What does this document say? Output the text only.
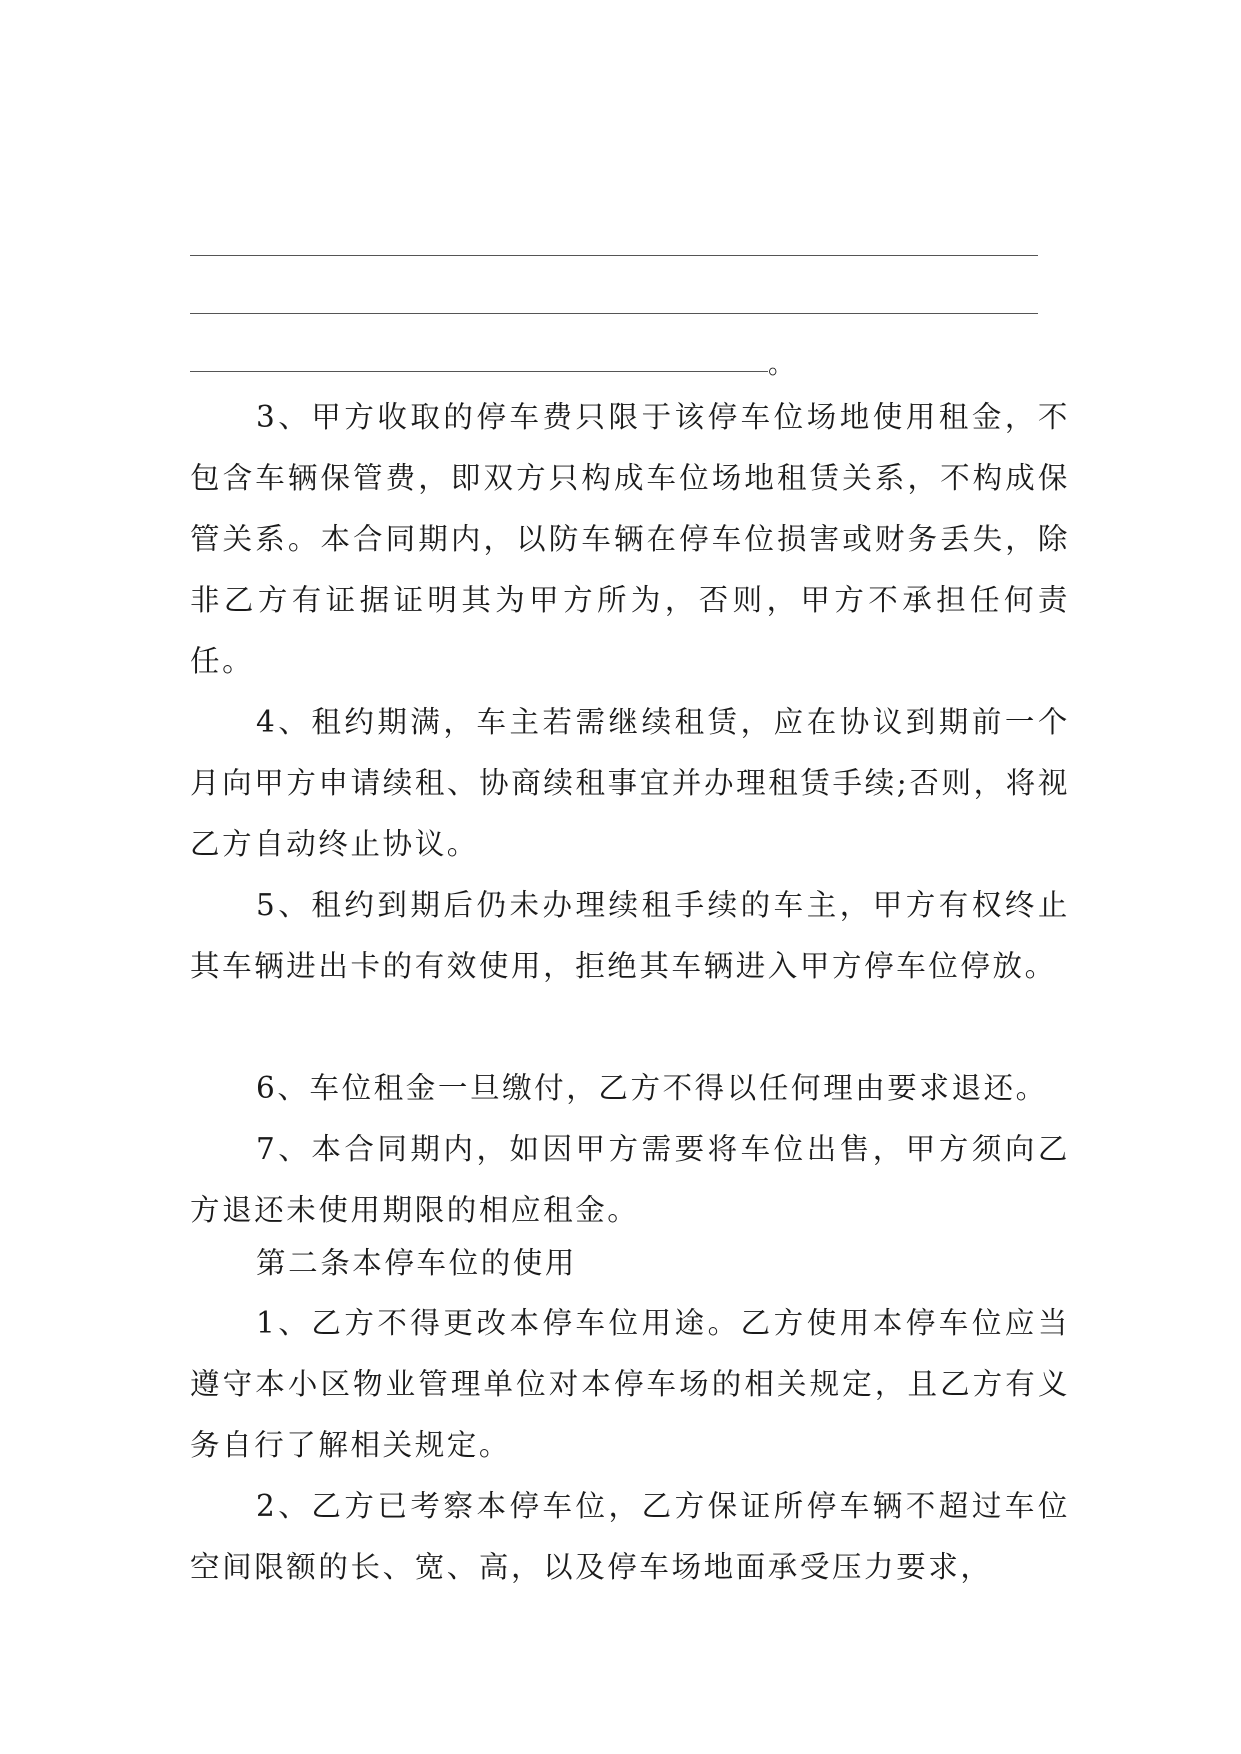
。

3、甲方收取的停车费只限于该停车位场地使用租金，不包含车辆保管费，即双方只构成车位场地租赁关系，不构成保管关系。本合同期内，以防车辆在停车位损害或财务丢失，除非乙方有证据证明其为甲方所为，否则，甲方不承担任何责任。

4、租约期满，车主若需继续租赁，应在协议到期前一个月向甲方申请续租、协商续租事宜并办理租赁手续;否则，将视乙方自动终止协议。

5、租约到期后仍未办理续租手续的车主，甲方有权终止其车辆进出卡的有效使用，拒绝其车辆进入甲方停车位停放。

6、车位租金一旦缴付，乙方不得以任何理由要求退还。

7、本合同期内，如因甲方需要将车位出售，甲方须向乙方退还未使用期限的相应租金。

第二条本停车位的使用

1、乙方不得更改本停车位用途。乙方使用本停车位应当遵守本小区物业管理单位对本停车场的相关规定，且乙方有义务自行了解相关规定。

2、乙方已考察本停车位，乙方保证所停车辆不超过车位空间限额的长、宽、高，以及停车场地面承受压力要求，
